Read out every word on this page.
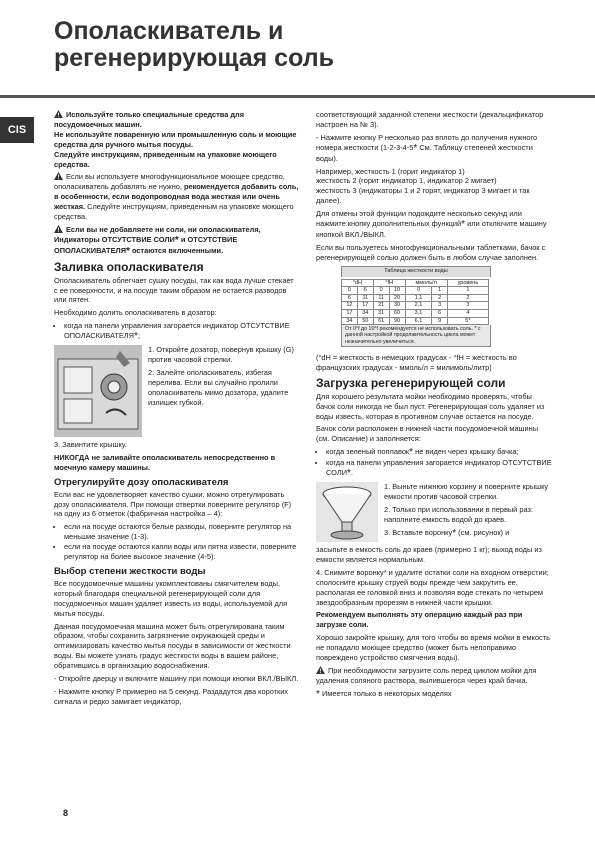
Ополаскиватель и
регенерирующая соль
CIS

Используйте только специальные средства для посудомоечных машин.
Не используйте поваренную или промышленную соль и моющие средства для ручного мытья посуды.
Следуйте инструкциям, приведенным на упаковке моющего средства.

Если вы используете многофункциональное моющее средство, ополаскиватель добавлять не нужно, рекомендуется добавить соль, в особенности, если водопроводная вода жесткая или очень жесткая. Следуйте инструкциям, приведенным на упаковке моющего средства.

Если вы не добавляете ни соли, ни ополаскивателя, Индикаторы ОТСУТСТВИЕ СОЛИ* и ОТСУТСТВИЕ ОПОЛАСКИВАТЕЛЯ* остаются включенными.

Заливка ополаскивателя

Ополаскиватель облегчает сушку посуды, так как вода лучше стекает с ее поверхности, и на посуде таким образом не остается разводов или пятен.

Необходимо долить ополаскиватель в дозатор:

• когда на панели управления загорается индикатор ОТСУТСТВИЕ ОПОЛАСКИВАТЕЛЯ*;

1. Откройте дозатор, повернув крышку (G) против часовой стрелки.

2. Залейте ополаскиватель, избегая перелива. Если вы случайно пролили ополаскиватель мимо дозатора, удалите излишек губкой.

3. Завинтите крышку.

НИКОГДА не заливайте ополаскиватель непосредственно в моечную камеру машины.

Отрегулируйте дозу ополаскивателя

Если вас не удовлетворяет качество сушки, можно отрегулировать дозу ополаскивателя. При помощи отвертки поверните регулятор (F) на одну из 6 отметок (фабричная настройка – 4):

• если на посуде остаются белые разводы, поверните регулятор на меньшие значение (1-3).
• если на посуде остаются капли воды или пятна извести, поверните регулятор на более высокое значение (4-5).
Выбор степени жесткости воды

Все посудомоечные машины укомплектованы смягчителем воды, который благодаря специальной регенерирующей соли для посудомоечных машин удаляет известь из воды, используемой для мытья посуды.

Данная посудомоечная машина может быть отрегулирована таким образом, чтобы сохранить загрязнение окружающей среды и оптимизировать качество мытья посуды в зависимости от жесткости воды. Вы можете узнать градус жесткости воды в вашем районе, обратившись в организацию водоснабжения.

- Откройте дверцу и включите машину при помощи кнопки ВКЛ./ВЫКЛ.

- Нажмите кнопку P примерно на 5 секунд. Раздадутся два коротких сигнала и редко замигает индикатор,

соответствующий заданной степени жесткости (декальцификатор настроен на № 3).

- Нажмите кнопку P несколько раз вплоть до получения нужного номера жесткости (1-2-3-4-5* См. Таблицу степеней жесткости воды).

Например, жесткость 1 (горит индикатор 1)
жесткость 2 (горит индикатор 1, индикатор 2 мигает)
жесткость 3 (индикаторы 1 и 2 горят, индикатор 3 мигает и так далее).

Для отмены этой функции подождите несколько секунд или нажмите кнопку дополнительных функций* или отключите машину кнопкой ВКЛ./ВЫКЛ.

Если вы пользуетесь многофункциональными таблетками, бачок с регенерирующей солью должен быть в любом случае заполнен.

Таблица жесткости воды
°dH		°fH		ммоль/л		уровень
0	6	0	10	0	1	1
6	11	11	20	1,1	2	2
12	17	21	30	2,1	3	3
17	34	31	60	3,1	6	4
34	50	61	90	6,1	9	5*
От 0°f до 10°f рекомендуется не использовать соль. * с данной настройкой продолжительность цикла может незначительно увеличиться.

(°dH = жесткость в немецких градусах - °fH = жесткость во французских градусах - ммоль/л = милимоль/литр)

Загрузка регенерирующей соли

Для хорошего результата мойки необходимо проверять, чтобы бачок соли никогда не был пуст. Регенерирующая соль удаляет из воды известь, которая в противном случае остается на посуде.

Бачок соли расположен в нижней части посудомоечной машины (см. Описание) и заполняется:

• когда зеленый поплавок* не виден через крышку бачка;
• когда на панели управления загорается индикатор ОТСУТСТВИЕ СОЛИ*.

1. Выньте нижнюю корзину и поверните крышку емкости против часовой стрелки.

2. Только при использовании в первый раз: наполните емкость водой до краев.

3. Вставьте воронку* (см. рисунок) и

засыпьте в емкость соль до краев (примерно 1 кг); выход воды из емкости является нормальным.

4. Снимите воронку* и удалите остатки соли на входном отверстии; сполосните крышку струей воды прежде чем закрутить ее, располагая ее головкой вниз и позволяя воде стекать по четырем звездообразным прорезям в нижней части крышки.

Рекомендуем выполнять эту операцию каждый раз при загрузке соли.

Хорошо закройте крышку, для того чтобы во время мойки в емкость не попадало моющее средство (может быть непоправимо повреждено устройство смягчения воды).

При необходимости загрузите соль перед циклом мойки для удаления соляного раствора, вылившегося через край бачка.

* Имеется только в некоторых моделях

8
